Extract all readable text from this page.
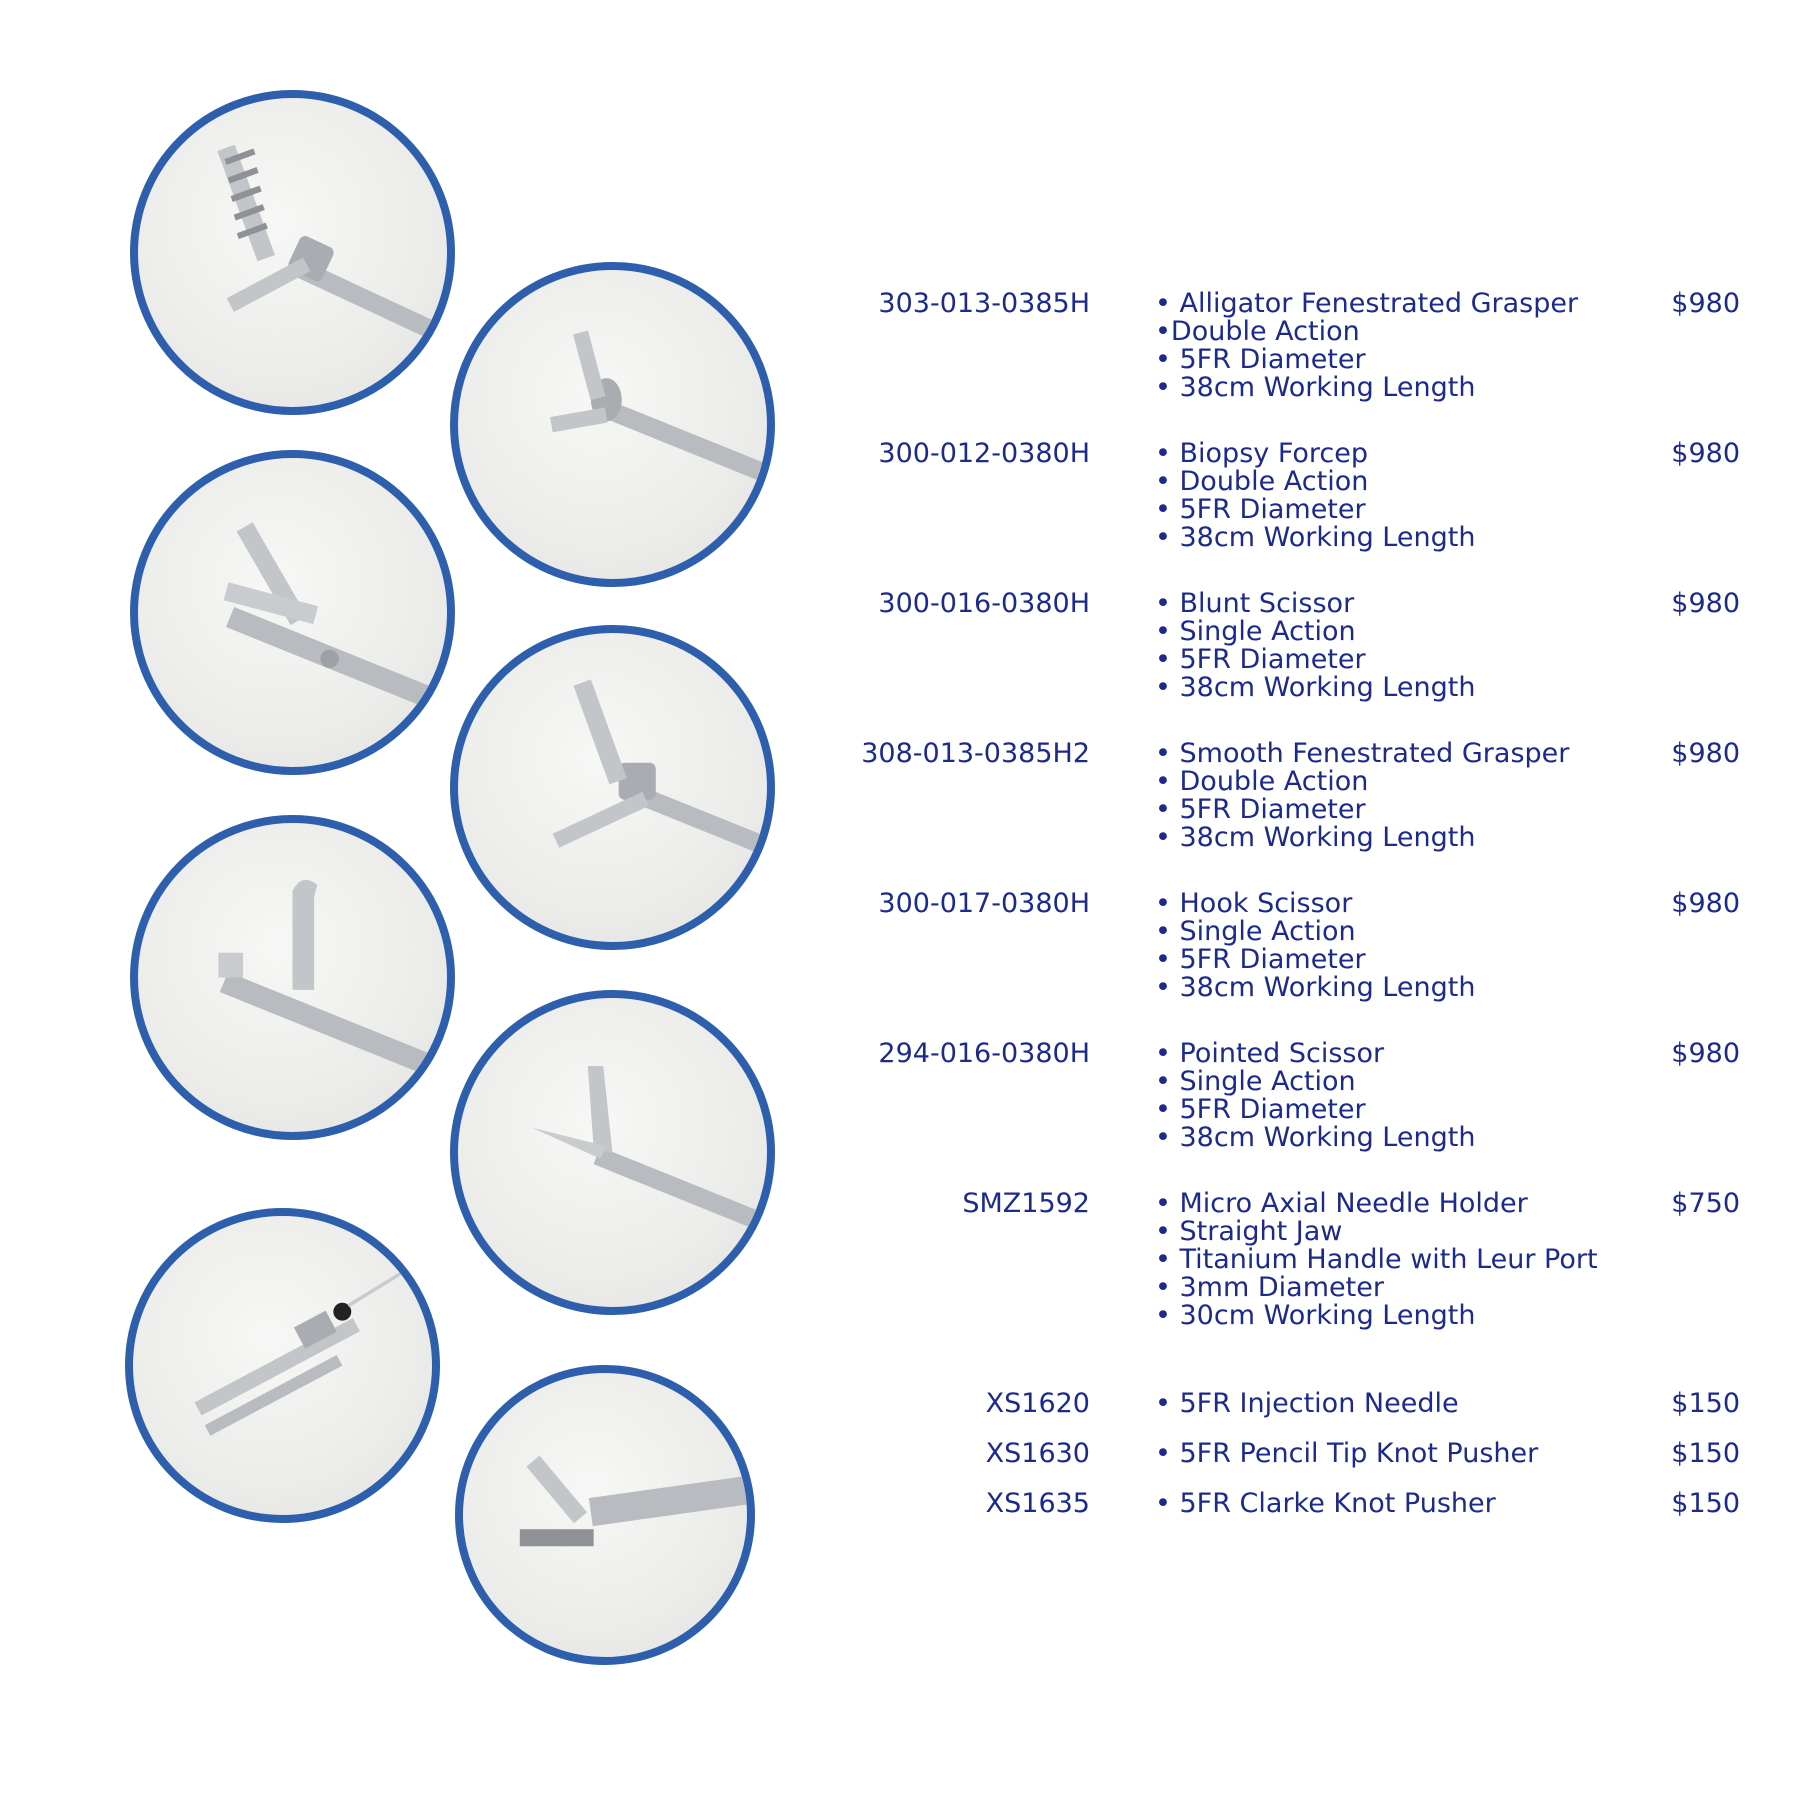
303-013-0385H • Alligator Fenestrated Grasper
•Double Action
• 5FR Diameter
• 38cm Working Length
$980
300-012-0380H • Biopsy Forcep
• Double Action
• 5FR Diameter
• 38cm Working Length
$980
300-016-0380H • Blunt Scissor
• Single Action
• 5FR Diameter
• 38cm Working Length
$980
308-013-0385H2 • Smooth Fenestrated Grasper
• Double Action
• 5FR Diameter
• 38cm Working Length
$980
300-017-0380H • Hook Scissor
• Single Action
• 5FR Diameter
• 38cm Working Length
$980
294-016-0380H • Pointed Scissor
• Single Action
• 5FR Diameter
• 38cm Working Length
$980
SMZ1592 • Micro Axial Needle Holder
• Straight Jaw
• Titanium Handle with Leur Port
• 3mm Diameter
• 30cm Working Length
$750
XS1620 • 5FR Injection Needle	$150
XS1630 • 5FR Pencil Tip Knot Pusher	$150
XS1635 • 5FR Clarke Knot Pusher	$150
